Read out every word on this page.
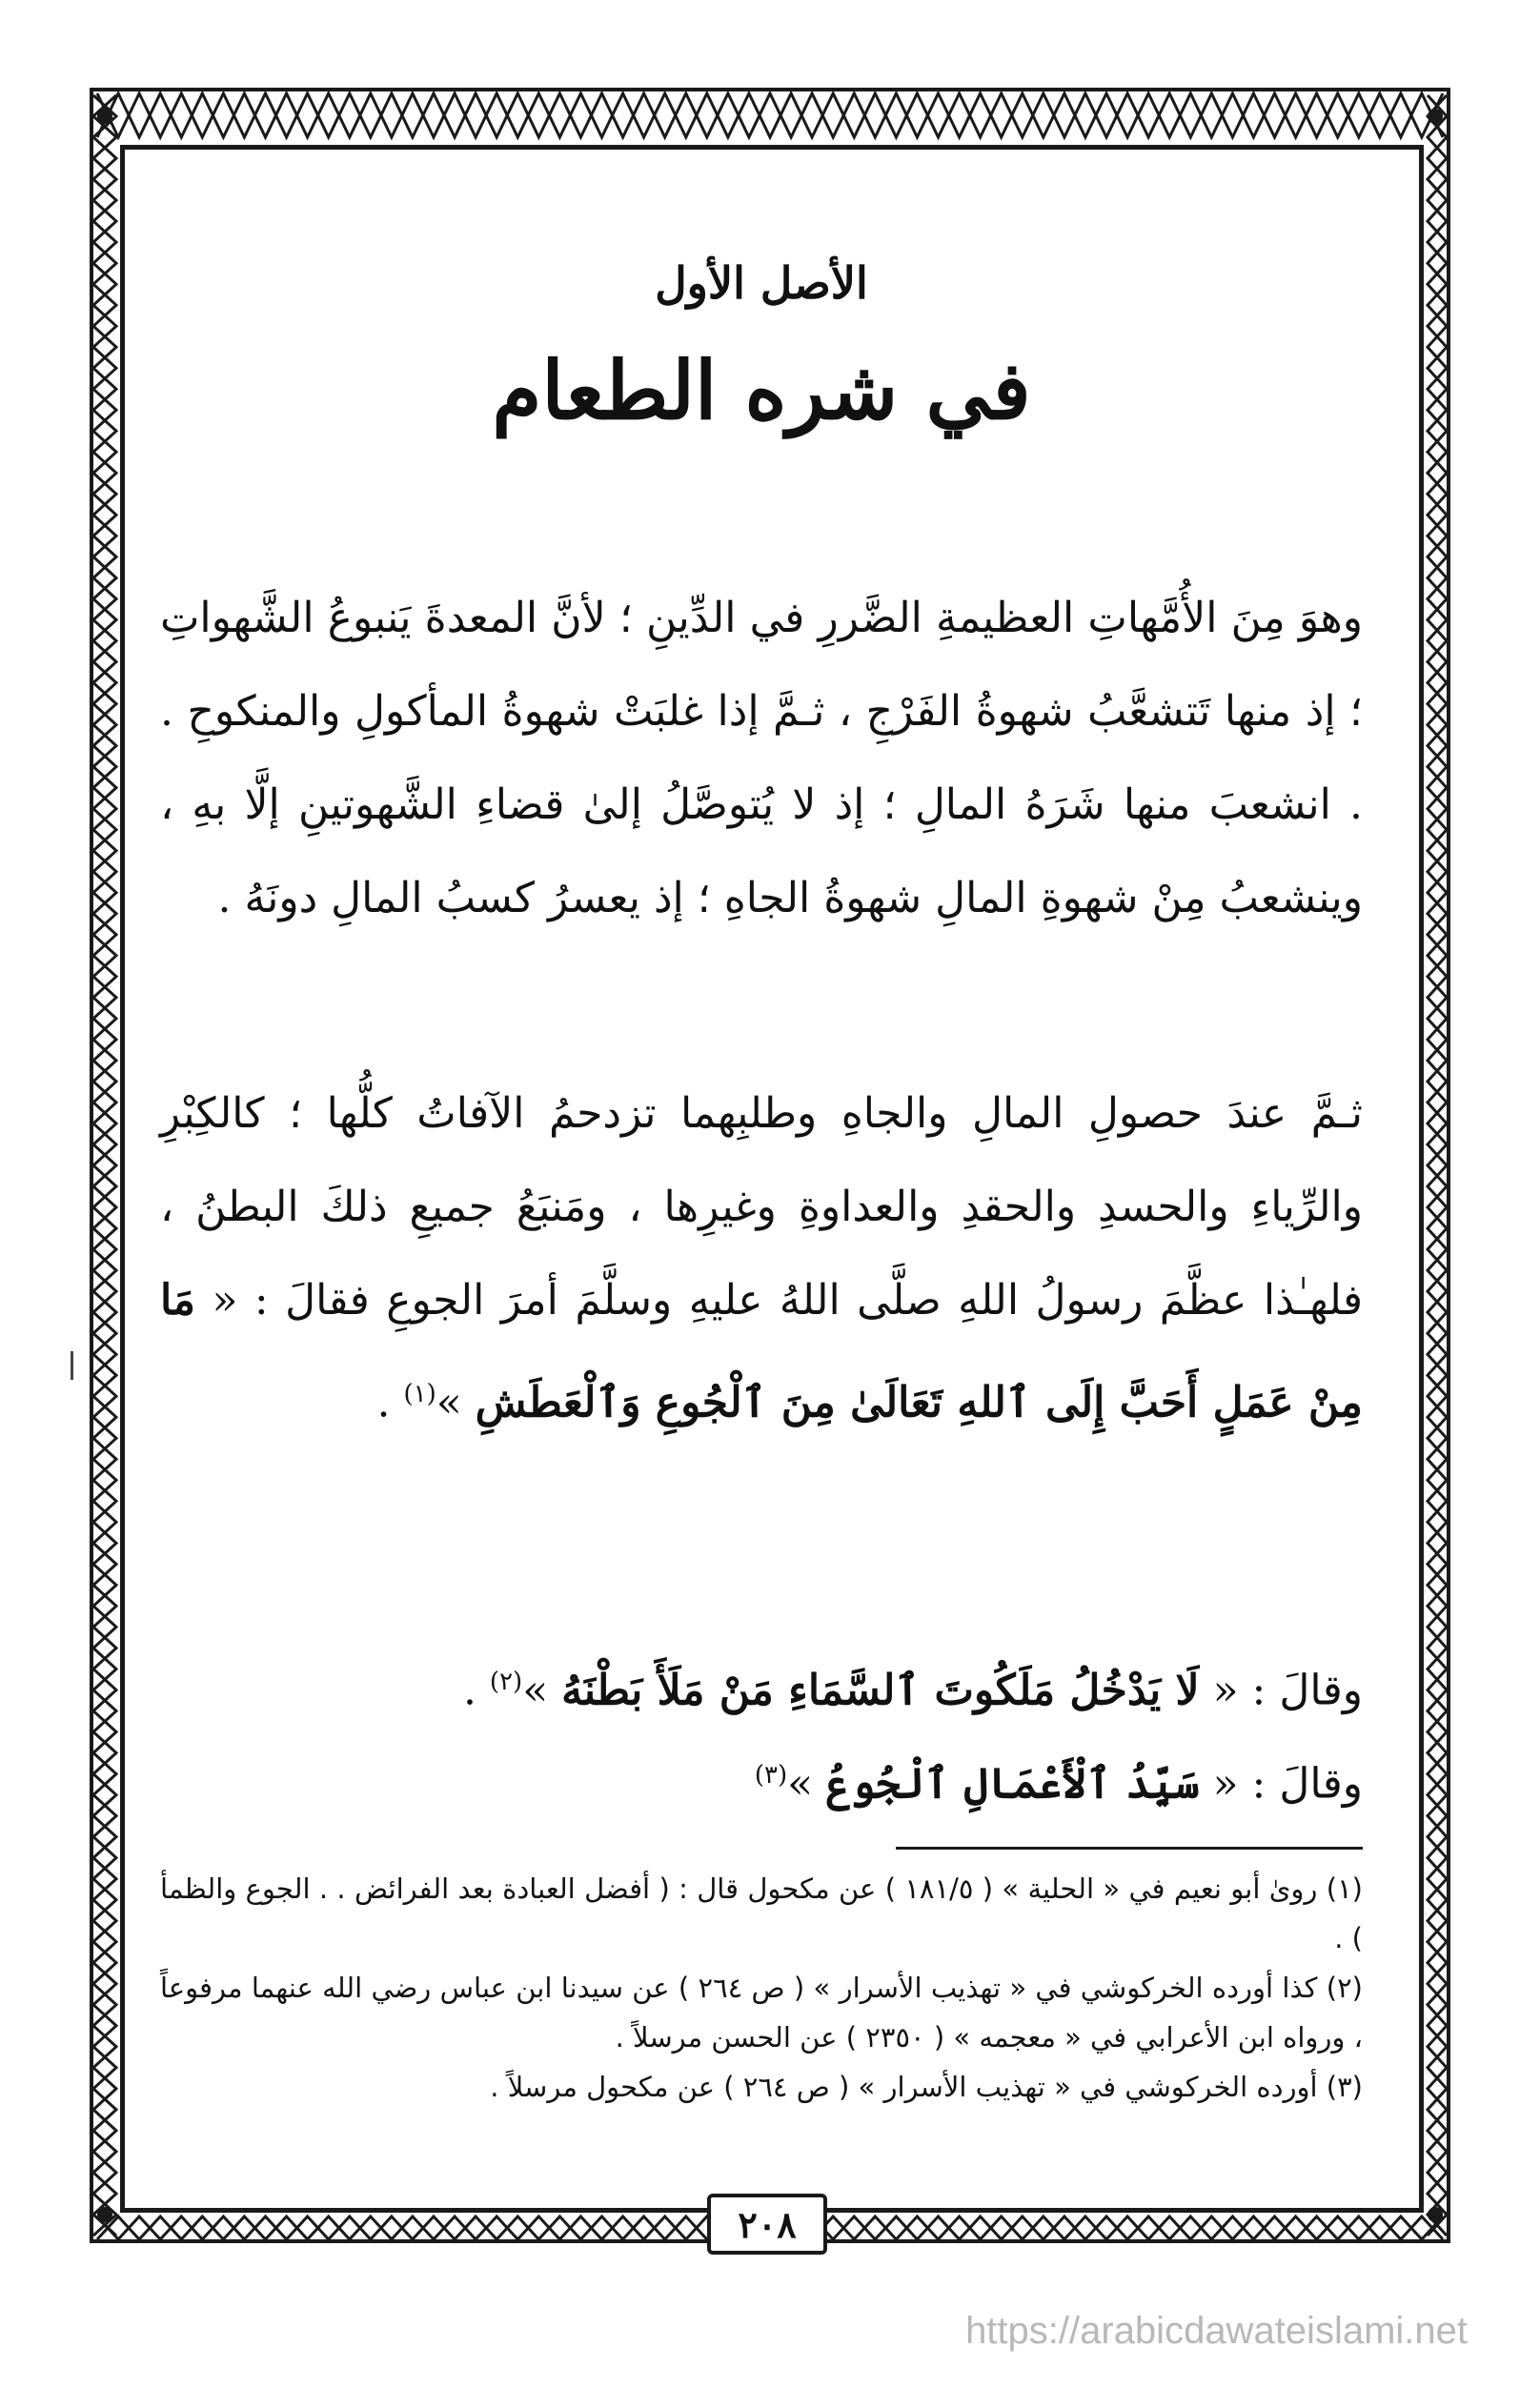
الأصل الأول
في شره الطعام

وهوَ مِنَ الأُمَّهاتِ العظيمةِ الضَّررِ في الدِّينِ ؛ لأنَّ المعدةَ يَنبوعُ الشَّهواتِ ؛ إذ منها تَتشعَّبُ شهوةُ الفَرْجِ ، ثـمَّ إذا غلبَتْ شهوةُ المأكولِ والمنكوحِ . . انشعبَ منها شَرَهُ المالِ ؛ إذ لا يُتوصَّلُ إلىٰ قضاءِ الشَّهوتينِ إلَّا بهِ ، وينشعبُ مِنْ شهوةِ المالِ شهوةُ الجاهِ ؛ إذ يعسرُ كسبُ المالِ دونَهُ .

ثـمَّ عندَ حصولِ المالِ والجاهِ وطلبِهما تزدحمُ الآفاتُ كلُّها ؛ كالكِبْرِ والرِّياءِ والحسدِ والحقدِ والعداوةِ وغيرِها ، ومَنبَعُ جميعِ ذلكَ البطنُ ، فلهـٰذا عظَّمَ رسولُ اللهِ صلَّى اللهُ عليهِ وسلَّمَ أمرَ الجوعِ فقالَ : « مَا مِنْ عَمَلٍ أَحَبَّ إِلَى ٱللهِ تَعَالَىٰ مِنَ ٱلْجُوعِ وَٱلْعَطَشِ »$^{(١)}$ .

وقالَ : « لَا يَدْخُلُ مَلَكُوتَ ٱلسَّمَاءِ مَنْ مَلَأَ بَطْنَهُ »$^{(٢)}$ .

وقالَ : « سَيِّدُ ٱلْأَعْمَالِ ٱلْجُوعُ »$^{(٣)}$

(١) رویٰ أبو نعيم في « الحلية » ( ١٨١/٥ ) عن مكحول قال : ( أفضل العبادة بعد الفرائض . . الجوع والظمأ ) .

(٢) كذا أورده الخركوشي في « تهذيب الأسرار » ( ص ٢٦٤ ) عن سيدنا ابن عباس رضي الله عنهما مرفوعاً ، ورواه ابن الأعرابي في « معجمه » ( ٢٣٥٠ ) عن الحسن مرسلاً .

(٣) أورده الخركوشي في « تهذيب الأسرار » ( ص ٢٦٤ ) عن مكحول مرسلاً .

٢٠٨
https://arabicdawateislami.net
